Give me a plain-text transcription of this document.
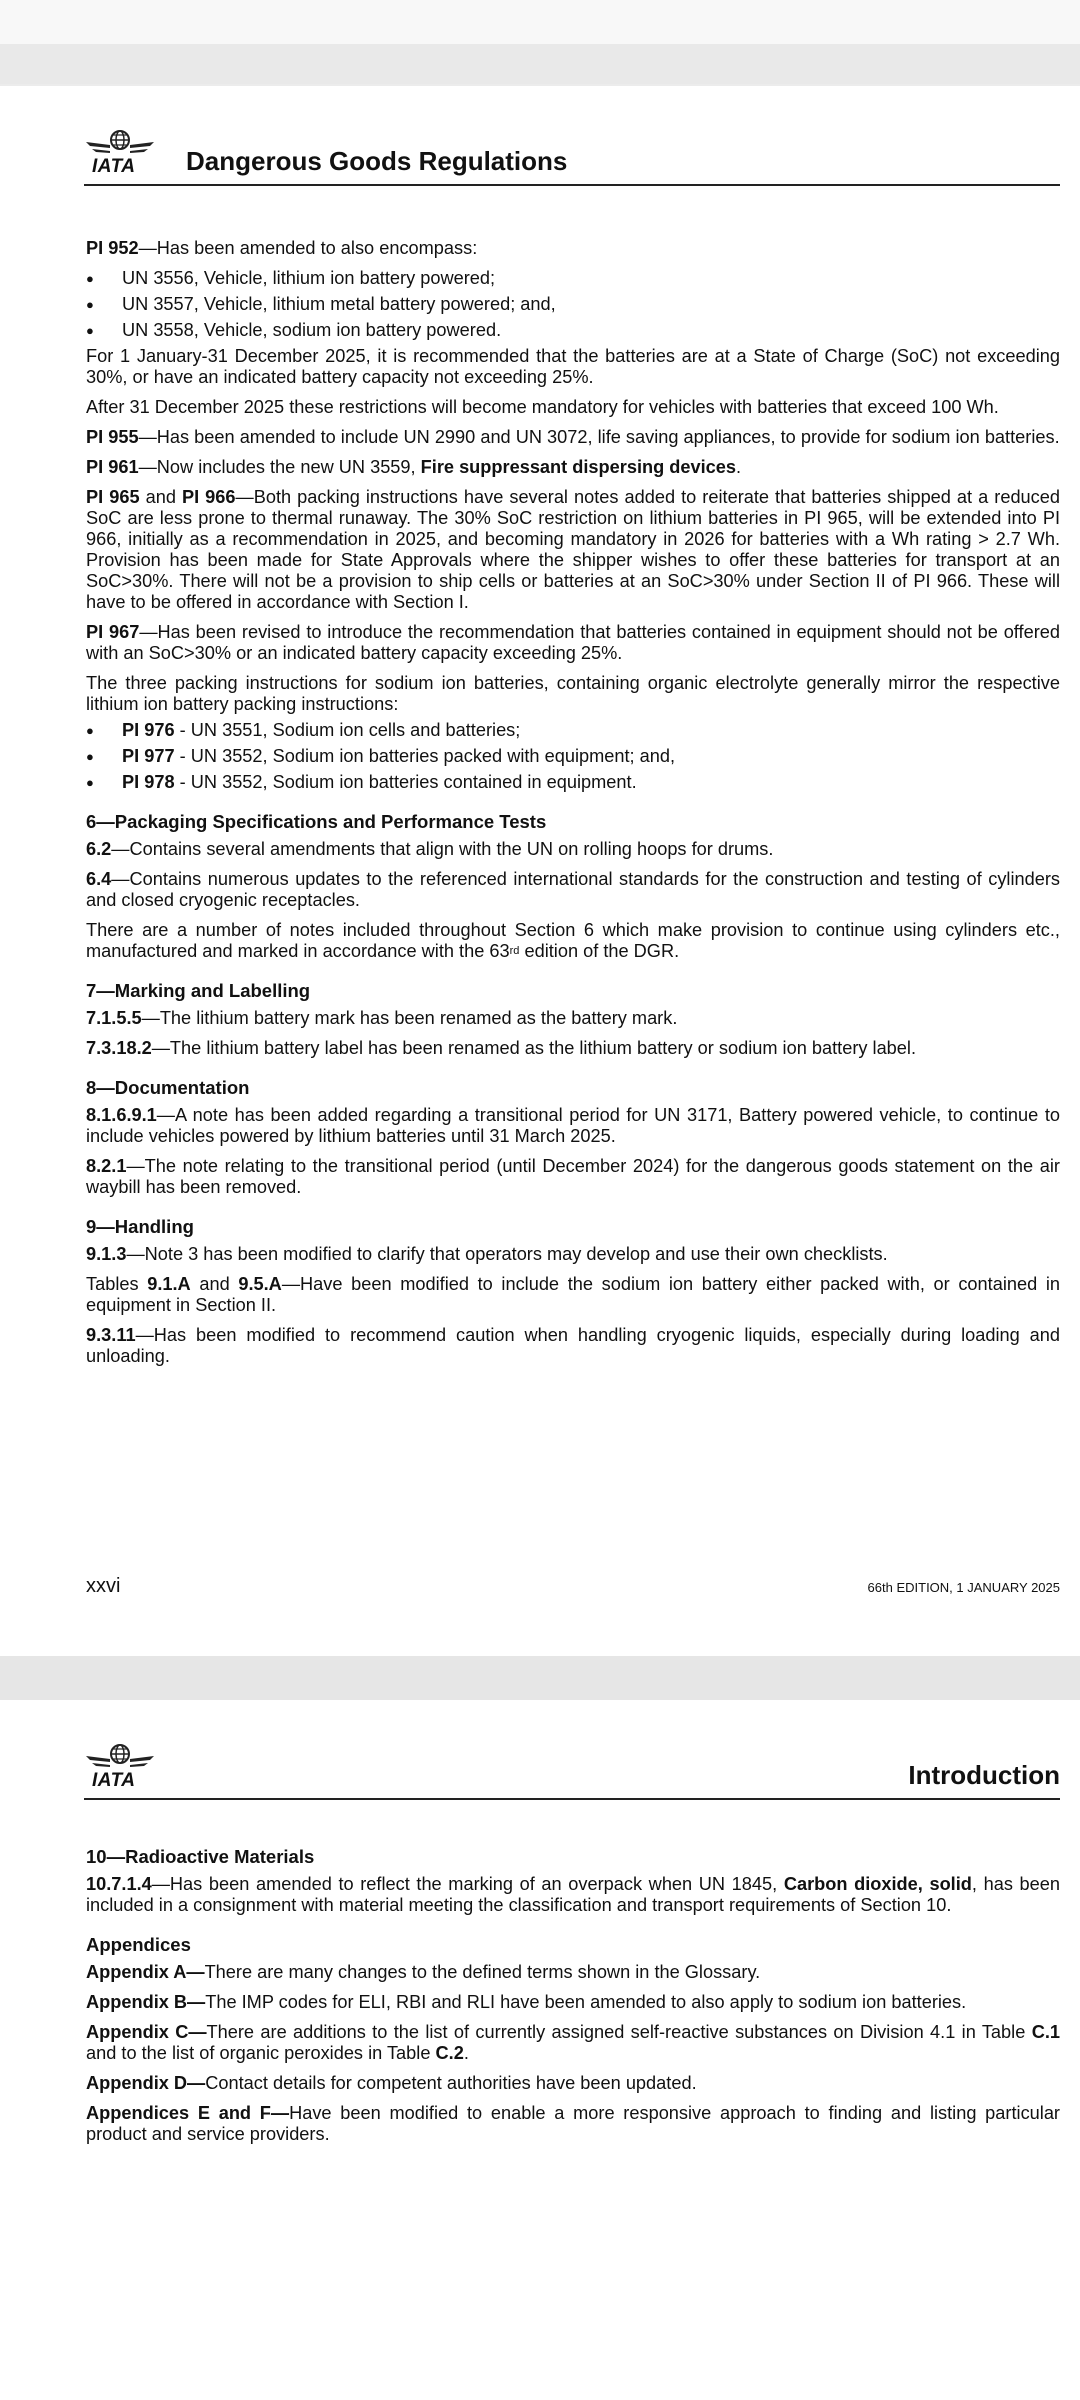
IATA Dangerous Goods Regulations

PI 952—Has been amended to also encompass:

● UN 3556, Vehicle, lithium ion battery powered;
● UN 3557, Vehicle, lithium metal battery powered; and,
● UN 3558, Vehicle, sodium ion battery powered.

For 1 January-31 December 2025, it is recommended that the batteries are at a State of Charge (SoC) not exceeding 30%, or have an indicated battery capacity not exceeding 25%.

After 31 December 2025 these restrictions will become mandatory for vehicles with batteries that exceed 100 Wh.

PI 955—Has been amended to include UN 2990 and UN 3072, life saving appliances, to provide for sodium ion batteries.

PI 961—Now includes the new UN 3559, Fire suppressant dispersing devices.

PI 965 and PI 966—Both packing instructions have several notes added to reiterate that batteries shipped at a reduced SoC are less prone to thermal runaway. The 30% SoC restriction on lithium batteries in PI 965, will be extended into PI 966, initially as a recommendation in 2025, and becoming mandatory in 2026 for batteries with a Wh rating > 2.7 Wh. Provision has been made for State Approvals where the shipper wishes to offer these batteries for transport at an SoC>30%. There will not be a provision to ship cells or batteries at an SoC>30% under Section II of PI 966. These will have to be offered in accordance with Section I.

PI 967—Has been revised to introduce the recommendation that batteries contained in equipment should not be offered with an SoC>30% or an indicated battery capacity exceeding 25%.

The three packing instructions for sodium ion batteries, containing organic electrolyte generally mirror the respective lithium ion battery packing instructions:

● PI 976 - UN 3551, Sodium ion cells and batteries;
● PI 977 - UN 3552, Sodium ion batteries packed with equipment; and,
● PI 978 - UN 3552, Sodium ion batteries contained in equipment.
6—Packaging Specifications and Performance Tests

6.2—Contains several amendments that align with the UN on rolling hoops for drums.

6.4—Contains numerous updates to the referenced international standards for the construction and testing of cylinders and closed cryogenic receptacles.

There are a number of notes included throughout Section 6 which make provision to continue using cylinders etc., manufactured and marked in accordance with the 63rd edition of the DGR.

7—Marking and Labelling

7.1.5.5—The lithium battery mark has been renamed as the battery mark.

7.3.18.2—The lithium battery label has been renamed as the lithium battery or sodium ion battery label.

8—Documentation

8.1.6.9.1—A note has been added regarding a transitional period for UN 3171, Battery powered vehicle, to continue to include vehicles powered by lithium batteries until 31 March 2025.

8.2.1—The note relating to the transitional period (until December 2024) for the dangerous goods statement on the air waybill has been removed.

9—Handling

9.1.3—Note 3 has been modified to clarify that operators may develop and use their own checklists.

Tables 9.1.A and 9.5.A—Have been modified to include the sodium ion battery either packed with, or contained in equipment in Section II.

9.3.11—Has been modified to recommend caution when handling cryogenic liquids, especially during loading and unloading.

xxvi	66th EDITION, 1 JANUARY 2025
IATA	Introduction
10—Radioactive Materials

10.7.1.4—Has been amended to reflect the marking of an overpack when UN 1845, Carbon dioxide, solid, has been included in a consignment with material meeting the classification and transport requirements of Section 10.

Appendices

Appendix A—There are many changes to the defined terms shown in the Glossary.

Appendix B—The IMP codes for ELI, RBI and RLI have been amended to also apply to sodium ion batteries.

Appendix C—There are additions to the list of currently assigned self-reactive substances on Division 4.1 in Table C.1 and to the list of organic peroxides in Table C.2.

Appendix D—Contact details for competent authorities have been updated.

Appendices E and F—Have been modified to enable a more responsive approach to finding and listing particular product and service providers.
